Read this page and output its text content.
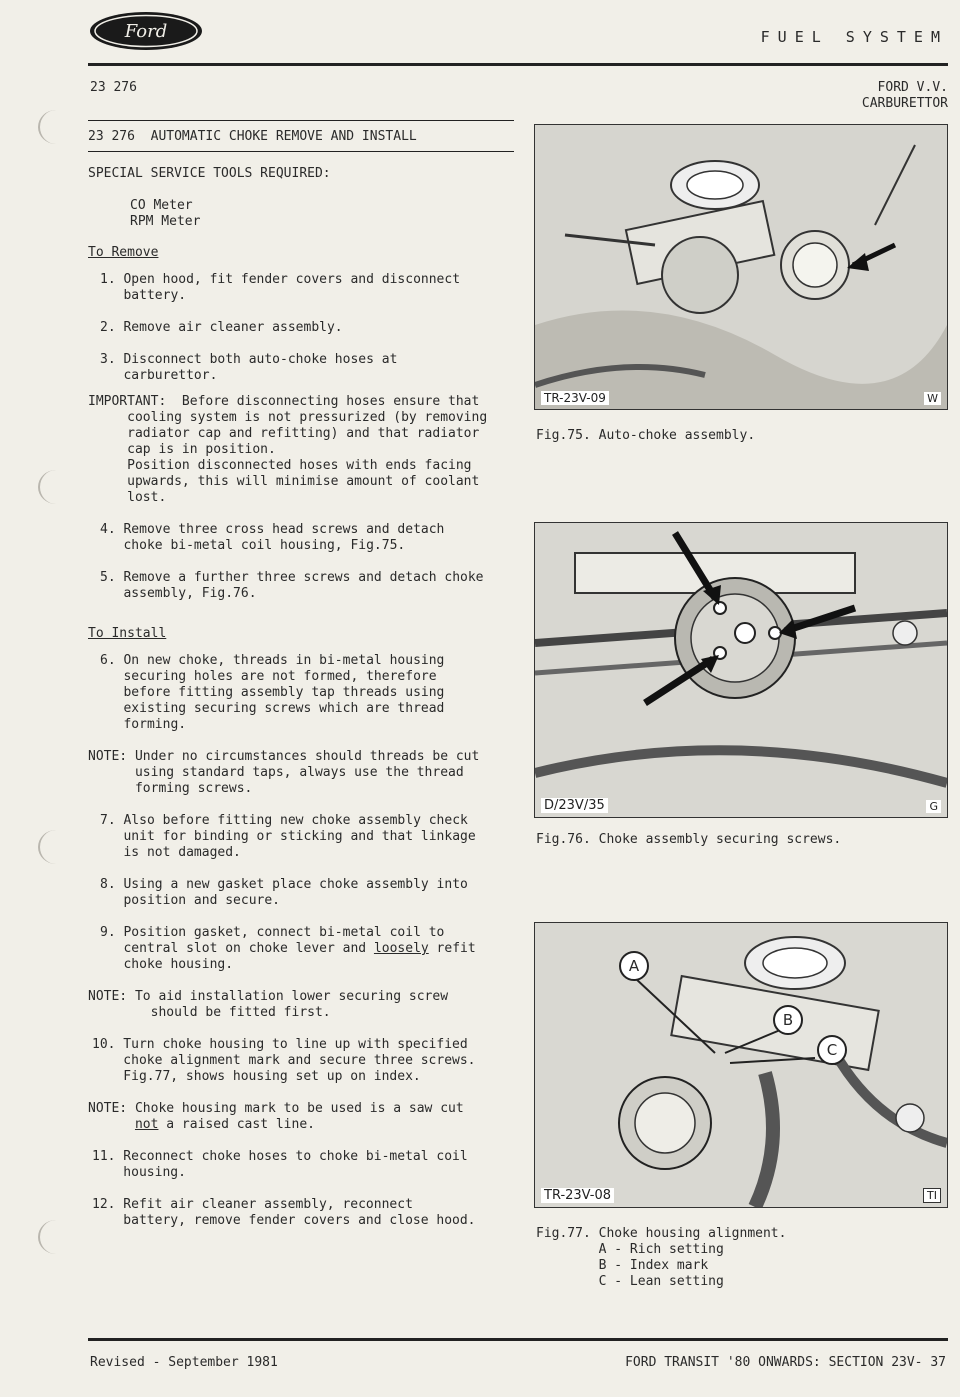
Ford	FUEL SYSTEM
23 276	FORD V.V.
CARBURETTOR
23 276  AUTOMATIC CHOKE REMOVE AND INSTALL
SPECIAL SERVICE TOOLS REQUIRED:
CO Meter
RPM Meter
To Remove
1. Open hood, fit fender covers and disconnect
battery.
2. Remove air cleaner assembly.
3. Disconnect both auto-choke hoses at
carburettor.
IMPORTANT:  Before disconnecting hoses ensure that
cooling system is not pressurized (by removing
radiator cap and refitting) and that radiator
cap is in position.
Position disconnected hoses with ends facing
upwards, this will minimise amount of coolant
lost.
4. Remove three cross head screws and detach
choke bi-metal coil housing, Fig.75.
5. Remove a further three screws and detach choke
assembly, Fig.76.
To Install
6. On new choke, threads in bi-metal housing
securing holes are not formed, therefore
before fitting assembly tap threads using
existing securing screws which are thread
forming.
NOTE: Under no circumstances should threads be cut
using standard taps, always use the thread
forming screws.
7. Also before fitting new choke assembly check
unit for binding or sticking and that linkage
is not damaged.
8. Using a new gasket place choke assembly into
position and secure.
9. Position gasket, connect bi-metal coil to
central slot on choke lever and loosely refit
choke housing.
NOTE: To aid installation lower securing screw
should be fitted first.
10. Turn choke housing to line up with specified
choke alignment mark and secure three screws.
Fig.77, shows housing set up on index.
NOTE: Choke housing mark to be used is a saw cut
not a raised cast line.
11. Reconnect choke hoses to choke bi-metal coil
housing.
12. Refit air cleaner assembly, reconnect
battery, remove fender covers and close hood.
TR-23V-09	W
Fig.75. Auto-choke assembly.
D/23V/35	G
Fig.76. Choke assembly securing screws.
A
B
C
TR-23V-08	TI
Fig.77. Choke housing alignment.
A - Rich setting
B - Index mark
C - Lean setting
Revised - September 1981	FORD TRANSIT '80 ONWARDS: SECTION 23V- 37
